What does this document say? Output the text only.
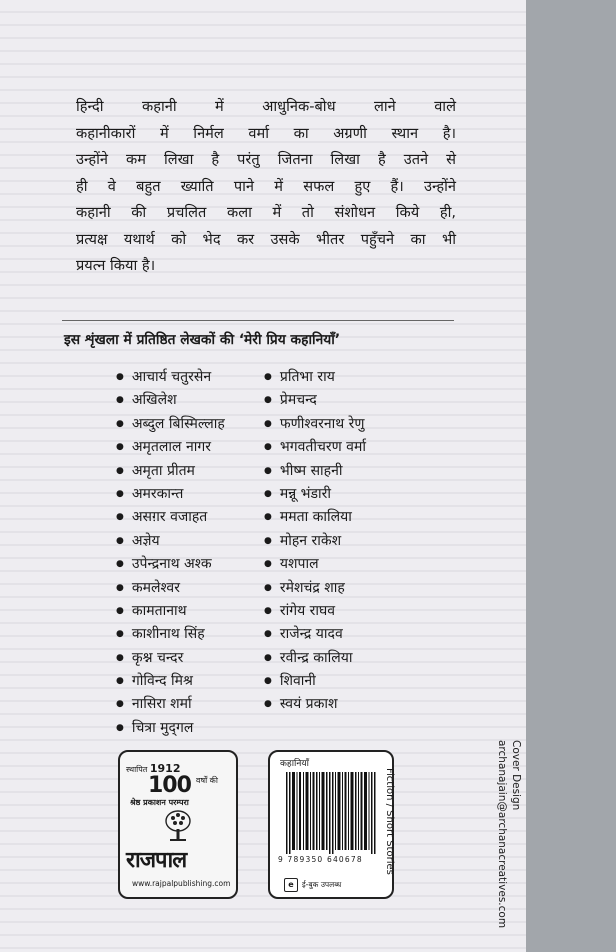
हिन्दी कहानी में आधुनिक-बोध लाने वाले
कहानीकारों में निर्मल वर्मा का अग्रणी स्थान है।
उन्होंने कम लिखा है परंतु जितना लिखा है उतने से
ही वे बहुत ख्याति पाने में सफल हुए हैं। उन्होंने
कहानी की प्रचलित कला में तो संशोधन किये ही,
प्रत्यक्ष यथार्थ को भेद कर उसके भीतर पहुँचने का भी
प्रयत्न किया है।
इस शृंखला में प्रतिष्ठित लेखकों की ‘मेरी प्रिय कहानियाँ’
● आचार्य चतुरसेन
● अखिलेश
● अब्दुल बिस्मिल्लाह
● अमृतलाल नागर
● अमृता प्रीतम
● अमरकान्त
● असग़र वजाहत
● अज्ञेय
● उपेन्द्रनाथ अश्क
● कमलेश्वर
● कामतानाथ
● काशीनाथ सिंह
● कृश्न चन्दर
● गोविन्द मिश्र
● नासिरा शर्मा
● चित्रा मुद्‌गल
● प्रतिभा राय
● प्रेमचन्द
● फणीश्वरनाथ रेणु
● भगवतीचरण वर्मा
● भीष्म साहनी
● मन्नू भंडारी
● ममता कालिया
● मोहन राकेश
● यशपाल
● रमेशचंद्र शाह
● रांगेय राघव
● राजेन्द्र यादव
● रवीन्द्र कालिया
● शिवानी
● स्वयं प्रकाश
Cover Design
archanajain@archanacreatives.com
स्थापित 1912
100 वर्षों की
श्रेष्ठ प्रकाशन परम्परा
राजपाल
www.rajpalpublishing.com
कहानियाँ
9 789350 640678
e	ई-बुक उपलब्ध
Fiction / Short Stories
